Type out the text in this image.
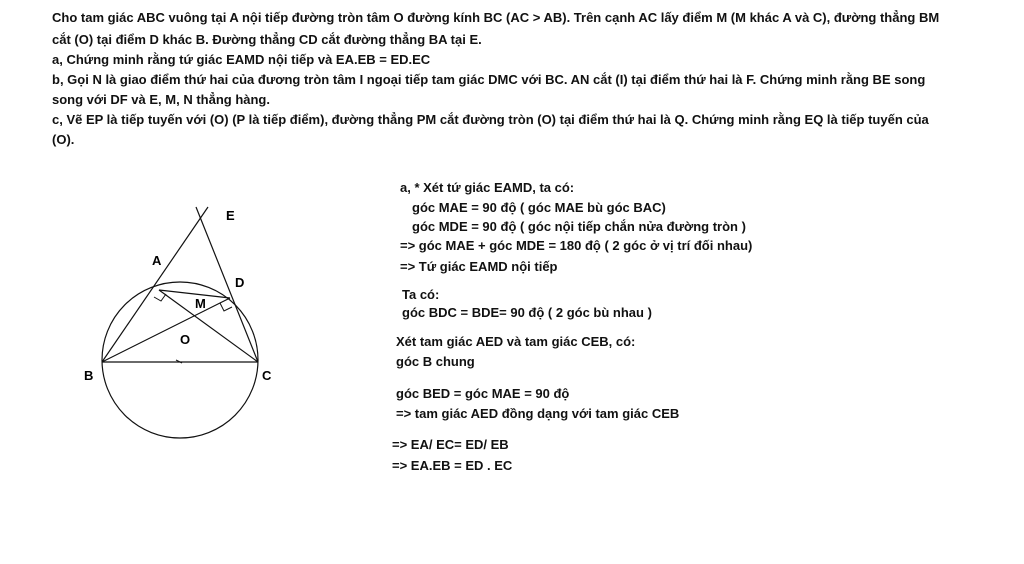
Cho tam giác ABC vuông tại A nội tiếp đường tròn tâm O đường kính BC (AC > AB). Trên cạnh AC lấy điểm M (M khác A và C), đường thẳng BM
cắt (O) tại điểm D khác B. Đường thẳng CD cắt đường thẳng BA tại E.
a, Chứng minh rằng tứ giác EAMD nội tiếp và EA.EB = ED.EC
b, Gọi N là giao điểm thứ hai của đương tròn tâm I ngoại tiếp tam giác DMC với BC. AN cắt (I) tại điểm thứ hai là F. Chứng minh rằng BE song
song với DF và E, M, N thẳng hàng.
c, Vẽ EP là tiếp tuyến với (O) (P là tiếp điểm), đường thẳng PM cắt đường tròn (O) tại điểm thứ hai là Q. Chứng minh rằng EQ là tiếp tuyến của
(O).
A
B	C
D
E
M
O
a, * Xét tứ giác EAMD, ta có:
góc MAE = 90 độ ( góc MAE bù góc BAC)
góc MDE = 90 độ ( góc nội tiếp chắn nửa đường tròn )
=> góc MAE + góc MDE = 180 độ ( 2 góc ở vị trí đối nhau)
=> Tứ giác EAMD nội tiếp
Ta có:
góc BDC = BDE= 90 độ ( 2 góc bù nhau )
Xét tam giác AED và tam giác CEB, có:
góc B chung
góc BED = góc MAE = 90 độ
=> tam giác AED đồng dạng với tam giác CEB
=> EA/ EC= ED/ EB
=> EA.EB = ED . EC
